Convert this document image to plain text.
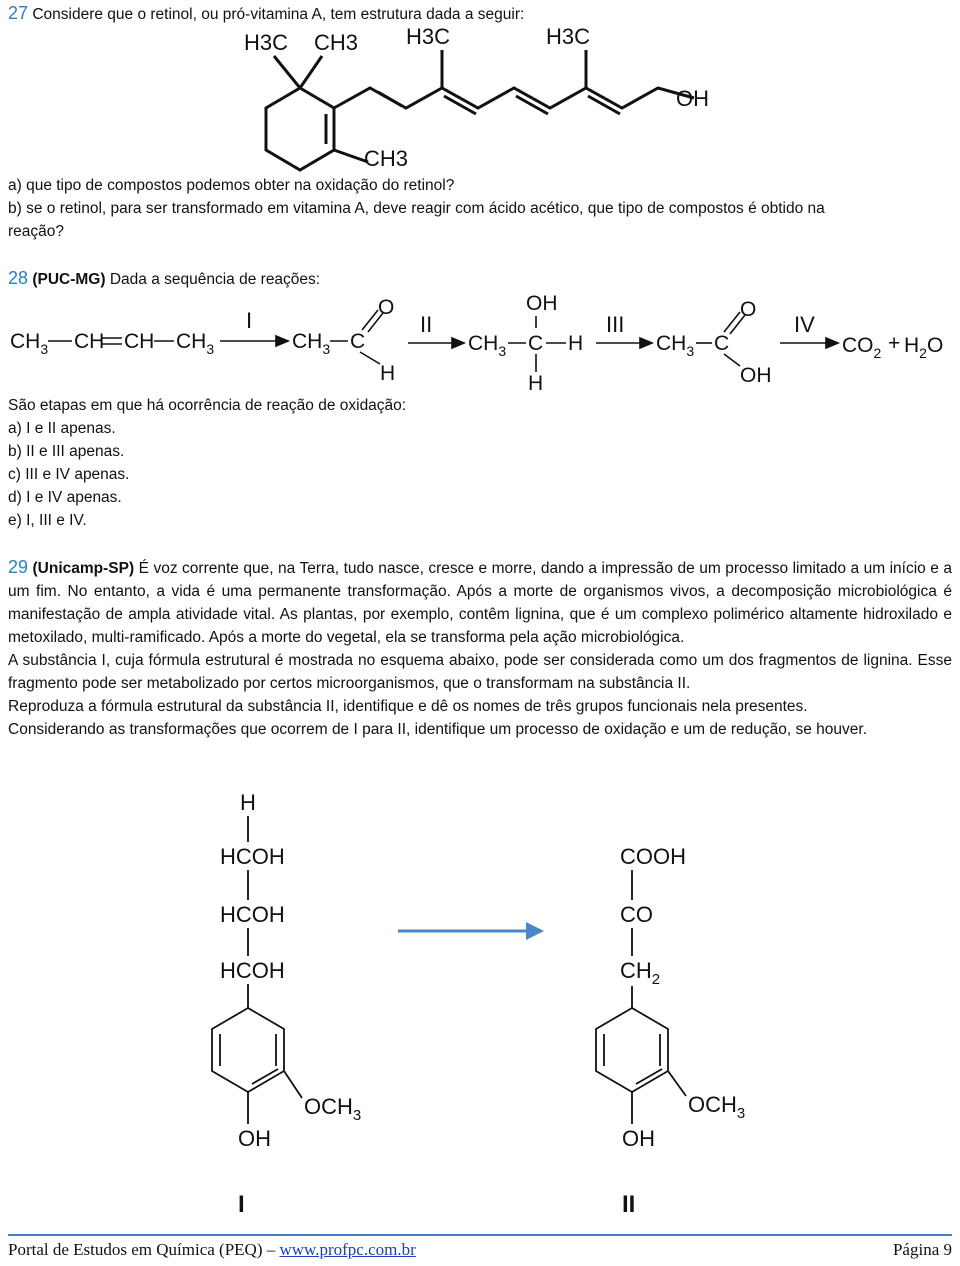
27 Considere que o retinol, ou pró-vitamina A, tem estrutura dada a seguir:
H3C CH3 H3C	H3C
OH
CH3
a) que tipo de compostos podemos obter na oxidação do retinol?
b) se o retinol, para ser transformado em vitamina A, deve reagir com ácido acético, que tipo de compostos é obtido na
reação?
28 (PUC-MG) Dada a sequência de reações:
$CH_3$ CH CH $CH_3$	$CH_3$ C
O
H
$CH_3$ C H
OH
H
$CH_3$ C
O
OH
$CO_2 + H_2O$
I	II	III	IV
São etapas em que há ocorrência de reação de oxidação:
a) I e II apenas.
b) II e III apenas.
c) III e IV apenas.
d) I e IV apenas.
e) I, III e IV.
29 (Unicamp-SP) É voz corrente que, na Terra, tudo nasce, cresce e morre, dando a impressão de um processo limitado a um início e a um fim. No entanto, a vida é uma permanente transformação. Após a morte de organismos vivos, a decomposição microbiológica é manifestação de ampla atividade vital. As plantas, por exemplo, contêm lignina, que é um complexo polimérico altamente hidroxilado e metoxilado, multi-ramificado. Após a morte do vegetal, ela se transforma pela ação microbiológica.
A substância I, cuja fórmula estrutural é mostrada no esquema abaixo, pode ser considerada como um dos fragmentos de lignina. Esse fragmento pode ser metabolizado por certos microorganismos, que o transformam na substância II.
Reproduza a fórmula estrutural da substância II, identifique e dê os nomes de três grupos funcionais nela presentes.
Considerando as transformações que ocorrem de I para II, identifique um processo de oxidação e um de redução, se houver.
H
HCOH
HCOH
HCOH
$OCH_3$
OH
I
COOH
CO
$CH_2$
$OCH_3$
OH
II
Portal de Estudos em Química (PEQ) – www.profpc.com.br	Página 9
